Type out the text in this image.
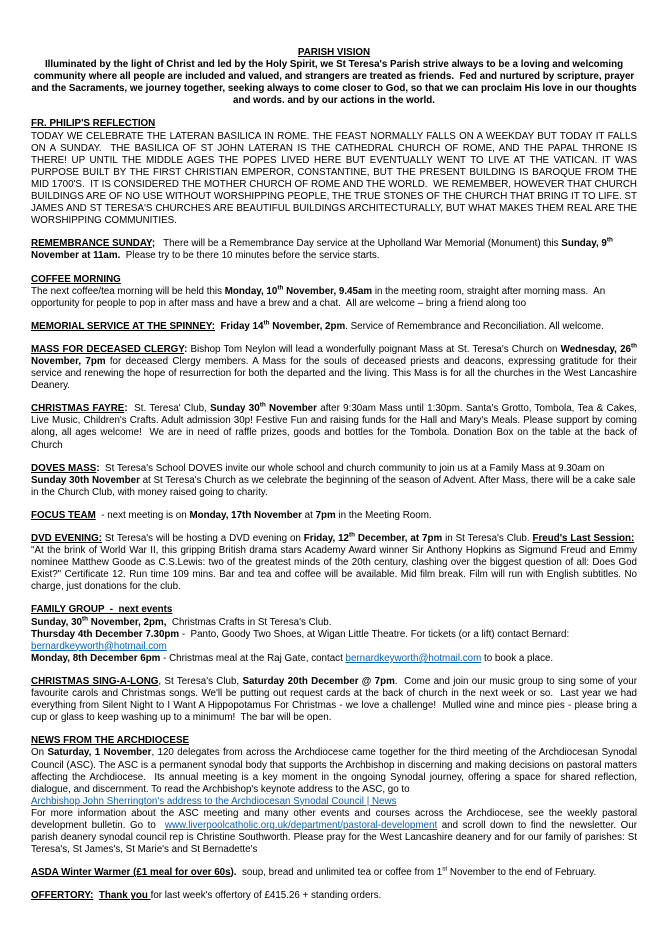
PARISH VISION
Illuminated by the light of Christ and led by the Holy Spirit, we St Teresa's Parish strive always to be a loving and welcoming community where all people are included and valued, and strangers are treated as friends.  Fed and nurtured by scripture, prayer and the Sacraments, we journey together, seeking always to come closer to God, so that we can proclaim His love in our thoughts and words. and by our actions in the world.
FR. PHILIP'S REFLECTION
TODAY WE CELEBRATE THE LATERAN BASILICA IN ROME. THE FEAST NORMALLY FALLS ON A WEEKDAY BUT TODAY IT FALLS ON A SUNDAY.  THE BASILICA OF ST JOHN LATERAN IS THE CATHEDRAL CHURCH OF ROME, AND THE PAPAL THRONE IS THERE! UP UNTIL THE MIDDLE AGES THE POPES LIVED HERE BUT EVENTUALLY WENT TO LIVE AT THE VATICAN. IT WAS PURPOSE BUILT BY THE FIRST CHRISTIAN EMPEROR, CONSTANTINE, BUT THE PRESENT BUILDING IS BAROQUE FROM THE MID 1700'S.  IT IS CONSIDERED THE MOTHER CHURCH OF ROME AND THE WORLD.  WE REMEMBER, HOWEVER THAT CHURCH BUILDINGS ARE OF NO USE WITHOUT WORSHIPPING PEOPLE, THE TRUE STONES OF THE CHURCH THAT BRING IT TO LIFE. ST JAMES AND ST TERESA'S CHURCHES ARE BEAUTIFUL BUILDINGS ARCHITECTURALLY, BUT WHAT MAKES THEM REAL ARE THE WORSHIPPING COMMUNITIES.
REMEMBRANCE SUNDAY;   There will be a Remembrance Day service at the Upholland War Memorial (Monument) this Sunday, 9th November at 11am.  Please try to be there 10 minutes before the service starts.
COFFEE MORNING
The next coffee/tea morning will be held this Monday, 10th November, 9.45am in the meeting room, straight after morning mass.  An opportunity for people to pop in after mass and have a brew and a chat.  All are welcome – bring a friend along too
MEMORIAL SERVICE AT THE SPINNEY: Friday 14th November, 2pm. Service of Remembrance and Reconciliation. All welcome.
MASS FOR DECEASED CLERGY: Bishop Tom Neylon will lead a wonderfully poignant Mass at St. Teresa's Church on Wednesday, 26th November, 7pm for deceased Clergy members. A Mass for the souls of deceased priests and deacons, expressing gratitude for their service and renewing the hope of resurrection for both the departed and the living. This Mass is for all the churches in the West Lancashire Deanery.
CHRISTMAS FAYRE:  St. Teresa' Club, Sunday 30th November after 9:30am Mass until 1:30pm. Santa's Grotto, Tombola, Tea & Cakes, Live Music, Children's Crafts. Adult admission 30p! Festive Fun and raising funds for the Hall and Mary's Meals. Please support by coming along, all ages welcome!  We are in need of raffle prizes, goods and bottles for the Tombola. Donation Box on the table at the back of Church
DOVES MASS:  St Teresa's School DOVES invite our whole school and church community to join us at a Family Mass at 9.30am on Sunday 30th November at St Teresa's Church as we celebrate the beginning of the season of Advent. After Mass, there will be a cake sale in the Church Club, with money raised going to charity.
FOCUS TEAM  - next meeting is on Monday, 17th November at 7pm in the Meeting Room.
DVD EVENING: St Teresa's will be hosting a DVD evening on Friday, 12th December, at 7pm in St Teresa's Club. Freud's Last Session:  "At the brink of World War II, this gripping British drama stars Academy Award winner Sir Anthony Hopkins as Sigmund Freud and Emmy nominee Matthew Goode as C.S.Lewis: two of the greatest minds of the 20th century, clashing over the biggest question of all: Does God Exist?" Certificate 12. Run time 109 mins. Bar and tea and coffee will be available. Mid film break. Film will run with English subtitles. No charge, just donations for the club.
FAMILY GROUP  -  next events
Sunday, 30th November, 2pm,  Christmas Crafts in St Teresa's Club.
Thursday 4th December 7.30pm -  Panto, Goody Two Shoes, at Wigan Little Theatre. For tickets (or a lift) contact Bernard:
bernardkeyworth@hotmail.com
Monday, 8th December 6pm - Christmas meal at the Raj Gate, contact bernardkeyworth@hotmail.com to book a place.
CHRISTMAS SING-A-LONG, St Teresa's Club, Saturday 20th December @ 7pm.  Come and join our music group to sing some of your favourite carols and Christmas songs. We'll be putting out request cards at the back of church in the next week or so.  Last year we had everything from Silent Night to I Want A Hippopotamus For Christmas - we love a challenge!  Mulled wine and mince pies - please bring a cup or glass to keep washing up to a minimum!  The bar will be open.
NEWS FROM THE ARCHDIOCESE
On Saturday, 1 November, 120 delegates from across the Archdiocese came together for the third meeting of the Archdiocesan Synodal Council (ASC). The ASC is a permanent synodal body that supports the Archbishop in discerning and making decisions on pastoral matters affecting the Archdiocese.  Its annual meeting is a key moment in the ongoing Synodal journey, offering a space for shared reflection, dialogue, and discernment. To read the Archbishop's keynote address to the ASC, go to
Archbishop John Sherrington's address to the Archdiocesan Synodal Council | News
For more information about the ASC meeting and many other events and courses across the Archdiocese, see the weekly pastoral development bulletin. Go to  www.liverpoolcatholic.org.uk/department/pastoral-development and scroll down to find the newsletter. Our parish deanery synodal council rep is Christine Southworth. Please pray for the West Lancashire deanery and for our family of parishes: St Teresa's, St James's, St Marie's and St Bernadette's
ASDA Winter Warmer (£1 meal for over 60s).  soup, bread and unlimited tea or coffee from 1st November to the end of February.
OFFERTORY: Thank you for last week's offertory of £415.26 + standing orders.
